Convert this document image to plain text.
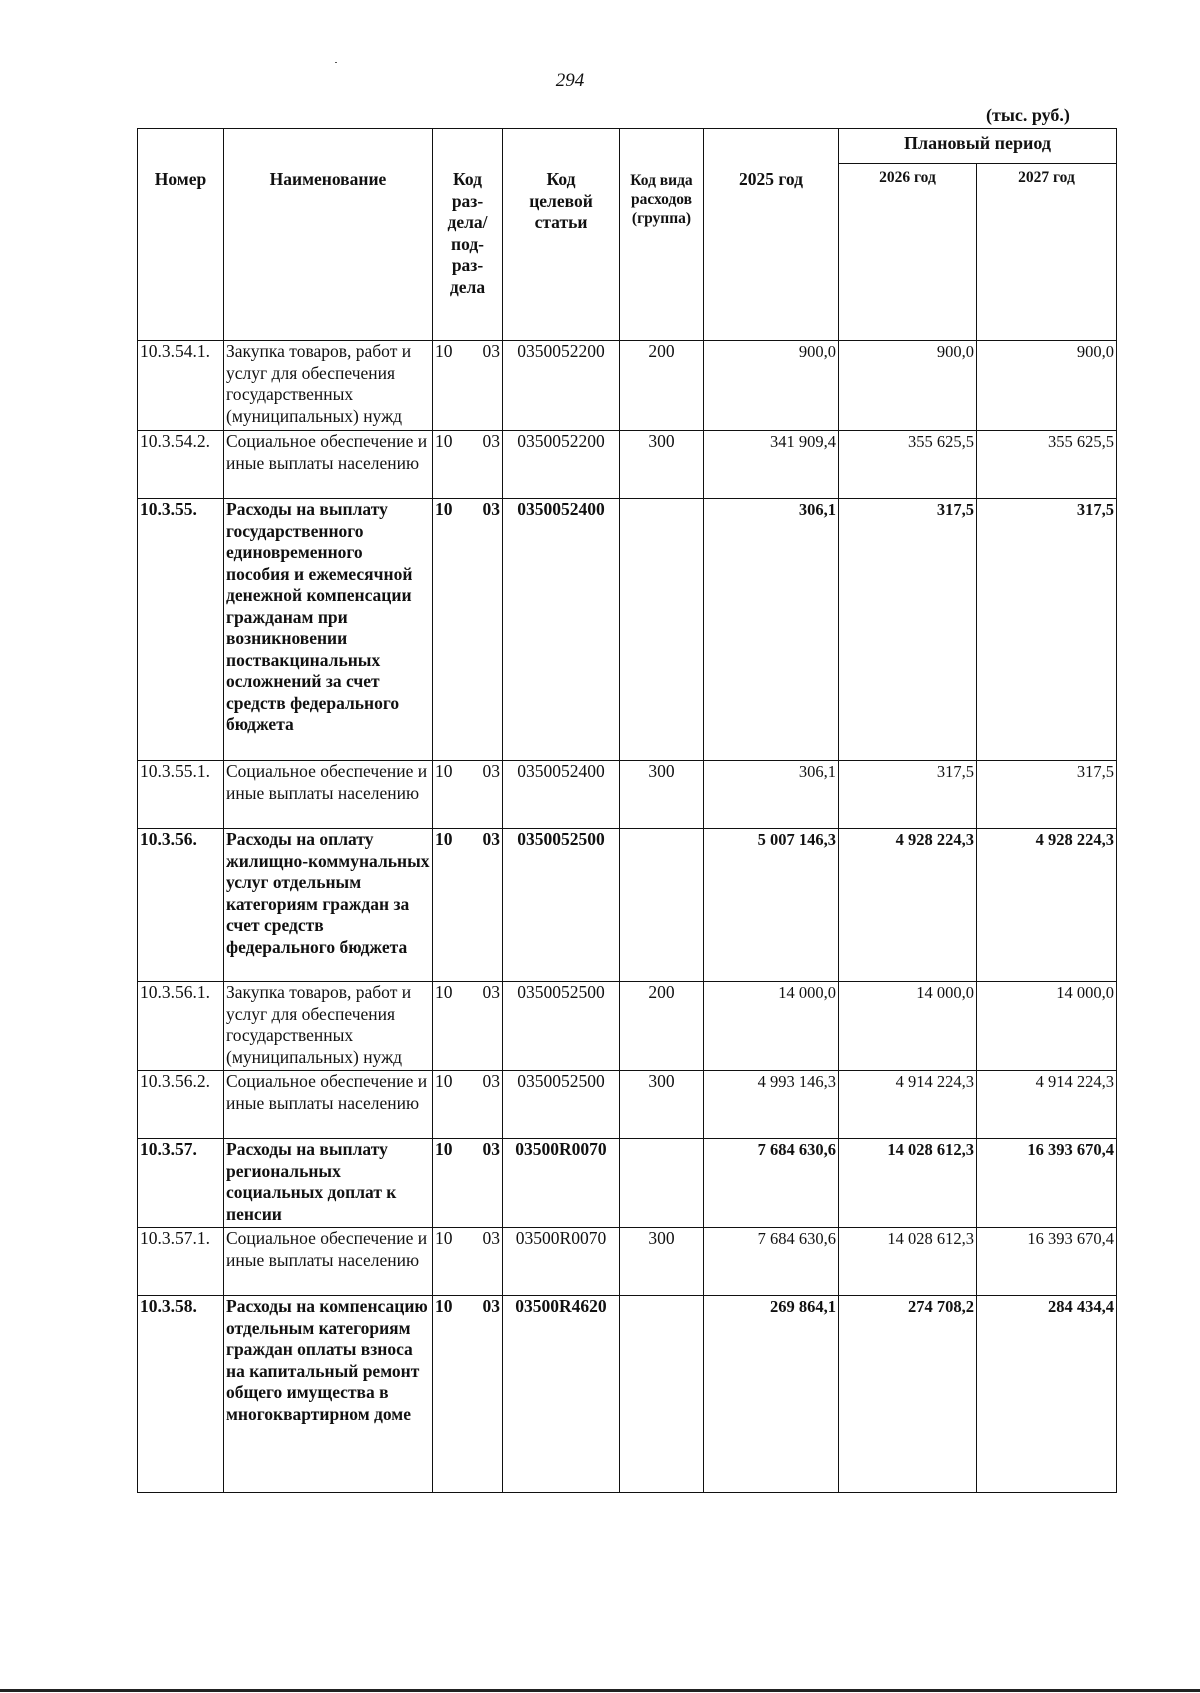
294
(тыс. руб.)
Номер	Наименование	Код раз-дела/ под-раз-дела	Код целевой статьи	Код вида расходов (группа)	2025 год	Плановый период	
						2026 год	2027 год
10.3.54.1.	Закупка товаров, работ и услуг для обеспечения государственных (муниципальных) нужд	10 03	0350052200	200	900,0	900,0	900,0
10.3.54.2.	Социальное обеспечение и иные выплаты населению	10 03	0350052200	300	341 909,4	355 625,5	355 625,5
10.3.55.	Расходы на выплату государственного единовременного пособия и ежемесячной денежной компенсации гражданам при возникновении поствакцинальных осложнений за счет средств федерального бюджета	10 03	0350052400		306,1	317,5	317,5
10.3.55.1.	Социальное обеспечение и иные выплаты населению	10 03	0350052400	300	306,1	317,5	317,5
10.3.56.	Расходы на оплату жилищно-коммунальных услуг отдельным категориям граждан за счет средств федерального бюджета	10 03	0350052500		5 007 146,3	4 928 224,3	4 928 224,3
10.3.56.1.	Закупка товаров, работ и услуг для обеспечения государственных (муниципальных) нужд	10 03	0350052500	200	14 000,0	14 000,0	14 000,0
10.3.56.2.	Социальное обеспечение и иные выплаты населению	10 03	0350052500	300	4 993 146,3	4 914 224,3	4 914 224,3
10.3.57.	Расходы на выплату региональных социальных доплат к пенсии	10 03	03500R0070		7 684 630,6	14 028 612,3	16 393 670,4
10.3.57.1.	Социальное обеспечение и иные выплаты населению	10 03	03500R0070	300	7 684 630,6	14 028 612,3	16 393 670,4
10.3.58.	Расходы на компенсацию отдельным категориям граждан оплаты взноса на капитальный ремонт общего имущества в многоквартирном доме	10 03	03500R4620		269 864,1	274 708,2	284 434,4
